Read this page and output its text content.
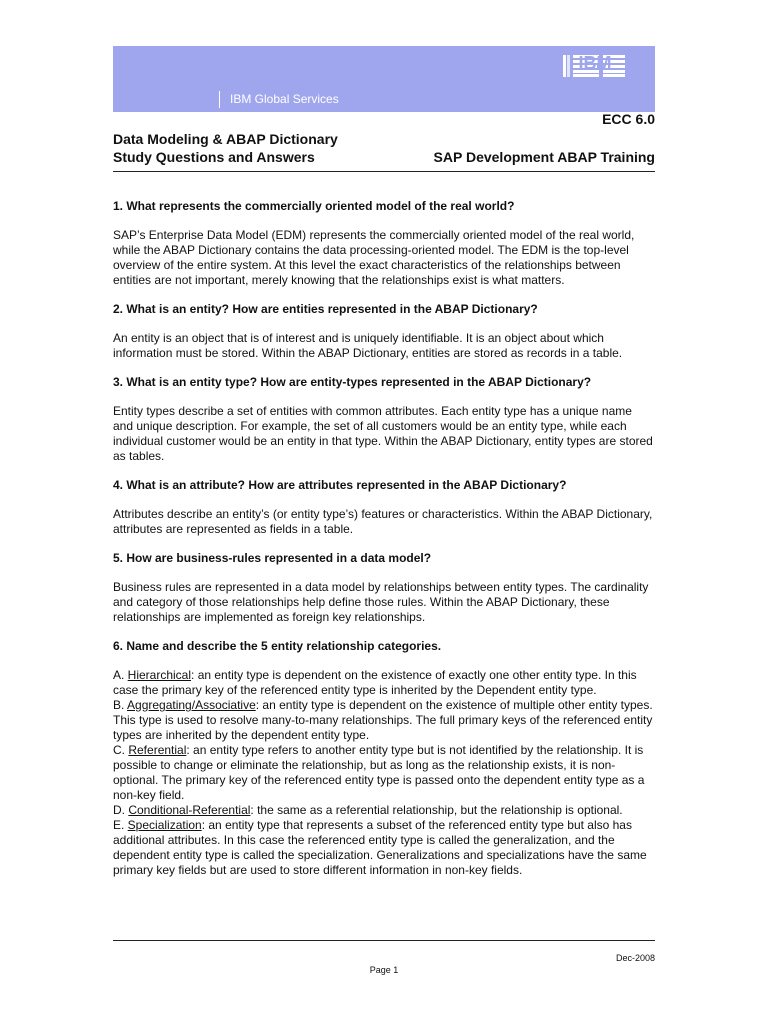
IBM Global Services
IBM
ECC 6.0
Data Modeling & ABAP Dictionary
Study Questions and Answers	SAP Development ABAP Training

1. What represents the commercially oriented model of the real world?

SAP’s Enterprise Data Model (EDM) represents the commercially oriented model of the real world, while the ABAP Dictionary contains the data processing-oriented model. The EDM is the top-level overview of the entire system. At this level the exact characteristics of the relationships between entities are not important, merely knowing that the relationships exist is what matters.

2. What is an entity? How are entities represented in the ABAP Dictionary?

An entity is an object that is of interest and is uniquely identifiable. It is an object about which information must be stored. Within the ABAP Dictionary, entities are stored as records in a table.

3. What is an entity type? How are entity-types represented in the ABAP Dictionary?

Entity types describe a set of entities with common attributes. Each entity type has a unique name and unique description. For example, the set of all customers would be an entity type, while each individual customer would be an entity in that type. Within the ABAP Dictionary, entity types are stored as tables.

4. What is an attribute? How are attributes represented in the ABAP Dictionary?

Attributes describe an entity’s (or entity type’s) features or characteristics. Within the ABAP Dictionary, attributes are represented as fields in a table.

5. How are business-rules represented in a data model?

Business rules are represented in a data model by relationships between entity types. The cardinality and category of those relationships help define those rules. Within the ABAP Dictionary, these relationships are implemented as foreign key relationships.

6. Name and describe the 5 entity relationship categories.

A. Hierarchical: an entity type is dependent on the existence of exactly one other entity type. In this case the primary key of the referenced entity type is inherited by the Dependent entity type.

B. Aggregating/Associative: an entity type is dependent on the existence of multiple other entity types. This type is used to resolve many-to-many relationships. The full primary keys of the referenced entity types are inherited by the dependent entity type.

C. Referential: an entity type refers to another entity type but is not identified by the relationship. It is possible to change or eliminate the relationship, but as long as the relationship exists, it is non-optional. The primary key of the referenced entity type is passed onto the dependent entity type as a non-key field.

D. Conditional-Referential: the same as a referential relationship, but the relationship is optional.

E. Specialization: an entity type that represents a subset of the referenced entity type but also has additional attributes. In this case the referenced entity type is called the generalization, and the dependent entity type is called the specialization. Generalizations and specializations have the same primary key fields but are used to store different information in non-key fields.

Dec-2008
Page 1
